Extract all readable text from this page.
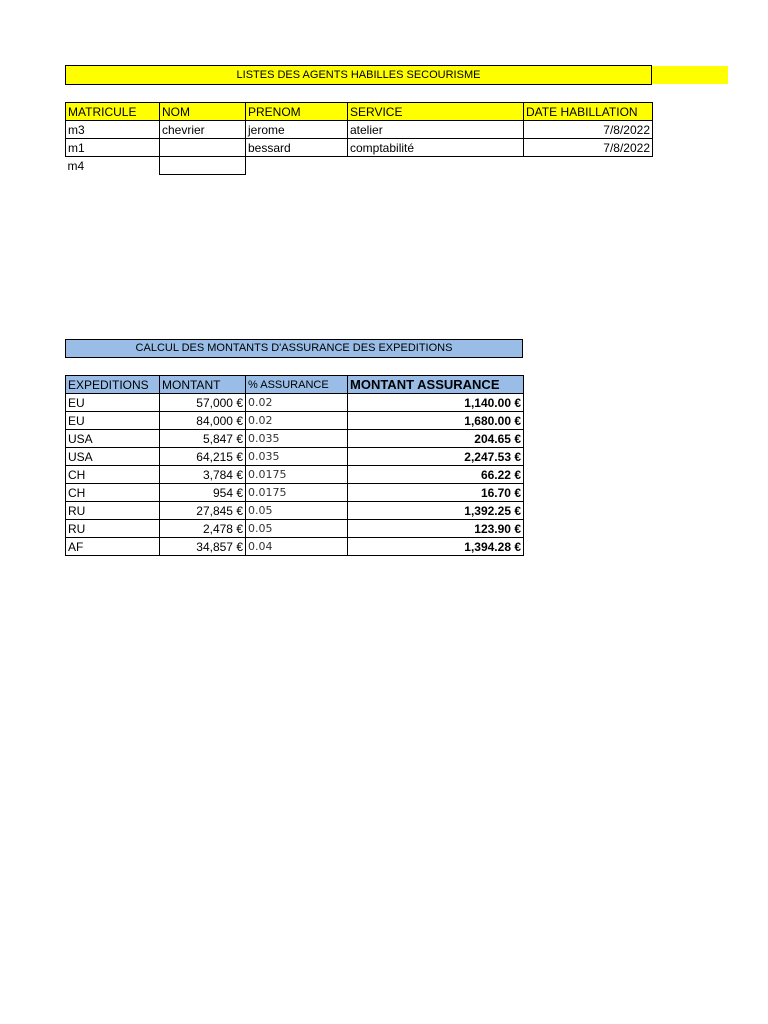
LISTES DES AGENTS HABILLES SECOURISME
MATRICULE	NOM	PRENOM	SERVICE	DATE HABILLATION
m3	chevrier	jerome	atelier	7/8/2022
m1		bessard	comptabilité	7/8/2022
m4				
CALCUL DES MONTANTS D'ASSURANCE DES EXPEDITIONS
EXPEDITIONS	MONTANT	% ASSURANCE	MONTANT ASSURANCE
EU	57,000 €	0.02	1,140.00 €
EU	84,000 €	0.02	1,680.00 €
USA	5,847 €	0.035	204.65 €
USA	64,215 €	0.035	2,247.53 €
CH	3,784 €	0.0175	66.22 €
CH	954 €	0.0175	16.70 €
RU	27,845 €	0.05	1,392.25 €
RU	2,478 €	0.05	123.90 €
AF	34,857 €	0.04	1,394.28 €
